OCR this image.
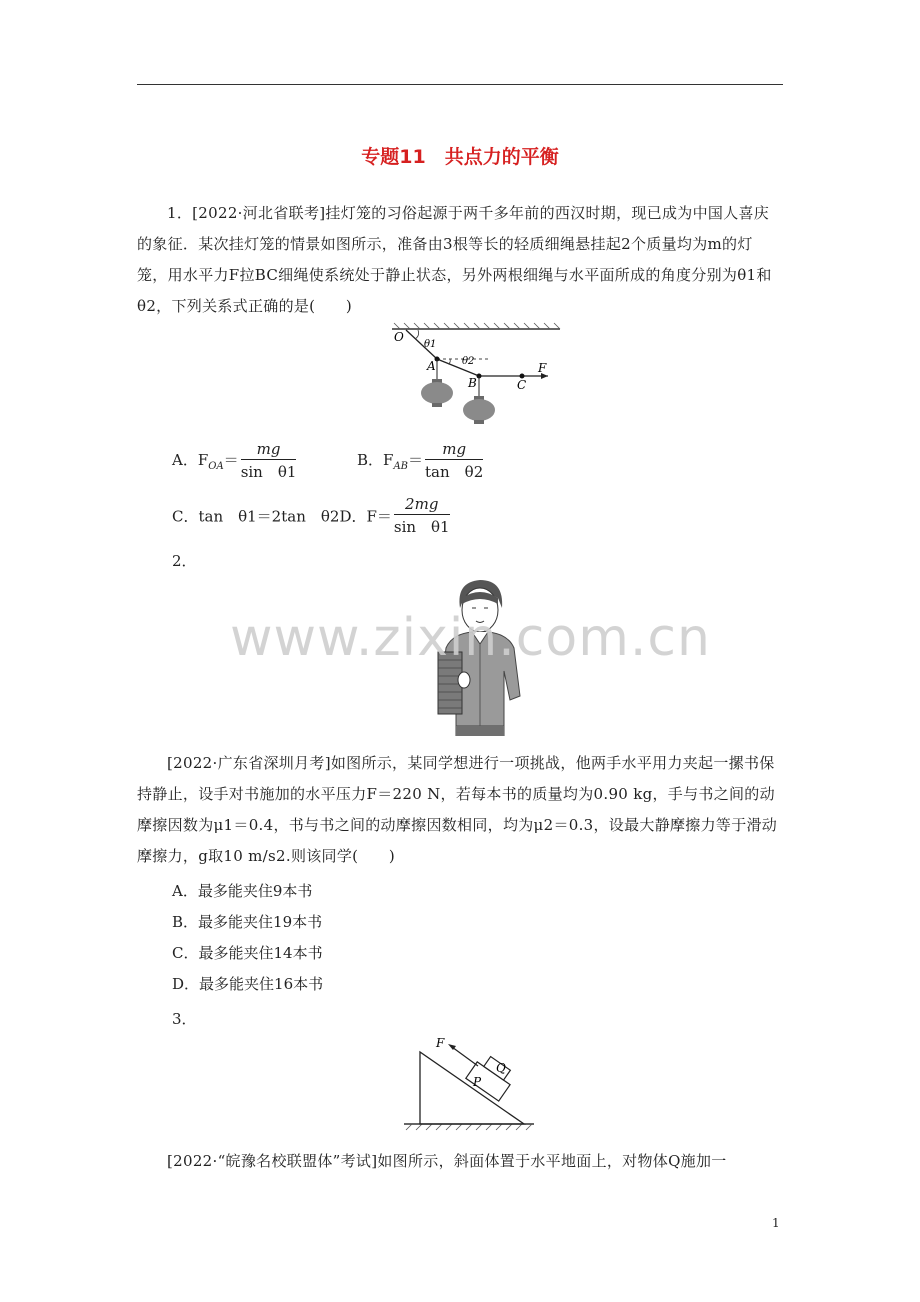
专题11　共点力的平衡
1．[2022·河北省联考]挂灯笼的习俗起源于两千多年前的西汉时期，现已成为中国人喜庆的象征．某次挂灯笼的情景如图所示，准备由3根等长的轻质细绳悬挂起2个质量均为m的灯笼，用水平力F拉BC细绳使系统处于静止状态，另外两根细绳与水平面所成的角度分别为θ1和θ2，下列关系式正确的是(　　)
O
θ1
A	θ2
B	C
F
A．$F_{OA}= \frac{mg}{\text{sin　θ1}}$	B．$F_{AB}= \frac{mg}{\text{tan　θ2}}$
C．tan　θ1＝2tan　θ2D．$F= \frac{2mg}{\text{sin　θ1}}$
2．
www.zixin.com.cn
[2022·广东省深圳月考]如图所示，某同学想进行一项挑战，他两手水平用力夹起一摞书保持静止，设手对书施加的水平压力F＝220 N，若每本书的质量均为0.90 kg，手与书之间的动摩擦因数为μ1＝0.4，书与书之间的动摩擦因数相同，均为μ2＝0.3，设最大静摩擦力等于滑动摩擦力，g取10 m/s2.则该同学(　　)
A．最多能夹住9本书
B．最多能夹住19本书
C．最多能夹住14本书
D．最多能夹住16本书
3．
F
P
Q
[2022·“皖豫名校联盟体”考试]如图所示，斜面体置于水平地面上，对物体Q施加一
1
